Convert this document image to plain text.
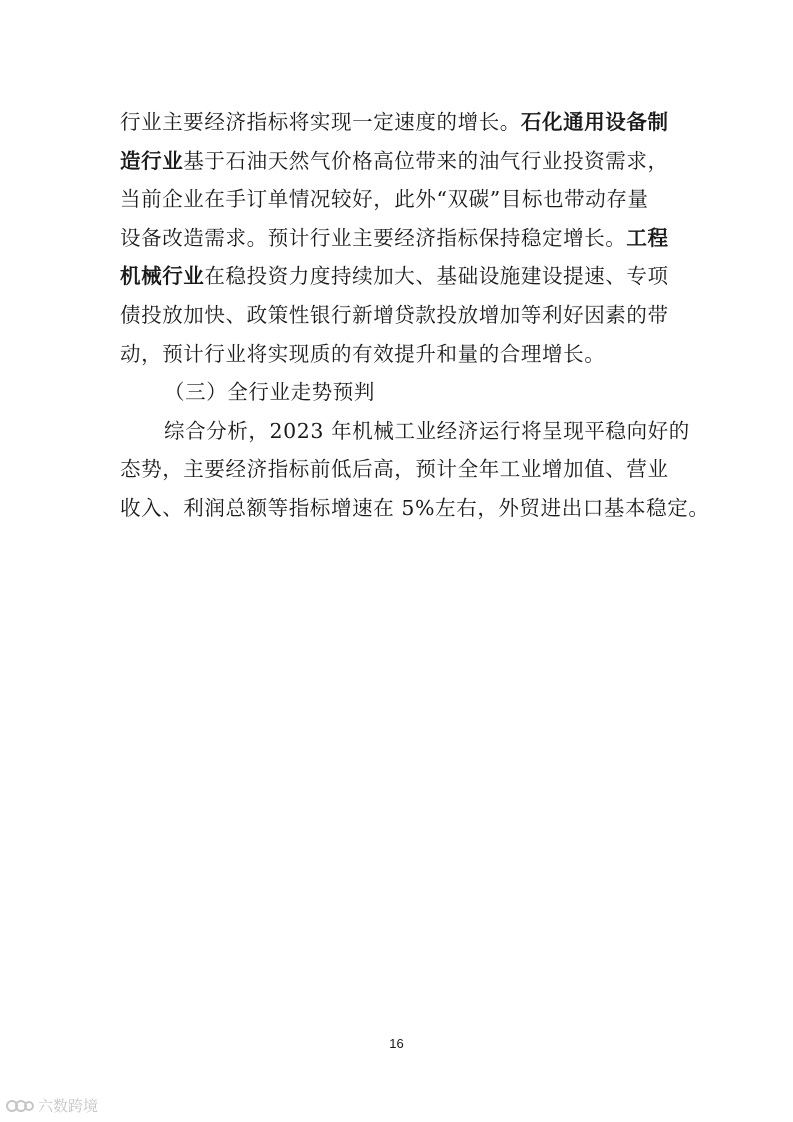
行业主要经济指标将实现一定速度的增长。石化通用设备制
造行业基于石油天然气价格高位带来的油气行业投资需求，
当前企业在手订单情况较好，此外“双碳”目标也带动存量
设备改造需求。预计行业主要经济指标保持稳定增长。工程
机械行业在稳投资力度持续加大、基础设施建设提速、专项
债投放加快、政策性银行新增贷款投放增加等利好因素的带
动，预计行业将实现质的有效提升和量的合理增长。
（三）全行业走势预判
综合分析，2023 年机械工业经济运行将呈现平稳向好的
态势，主要经济指标前低后高，预计全年工业增加值、营业
收入、利润总额等指标增速在 5%左右，外贸进出口基本稳定。
16
六数跨境
